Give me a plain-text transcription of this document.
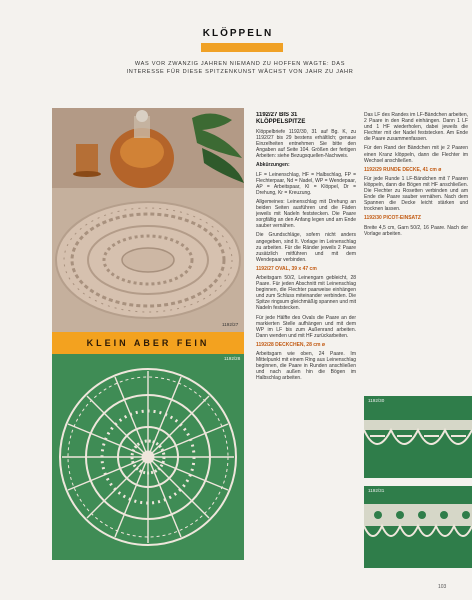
KLÖPPELN
WAS VOR ZWANZIG JAHREN NIEMAND ZU HOFFEN WAGTE: DAS
INTERESSE FÜR DIESE SPITZENKUNST WÄCHST VON JAHR ZU JAHR
1192/27
KLEIN ABER FEIN
1192/28
1192/30
1192/31
1192/27 BIS 31
KLÖPPELSPITZE

Klöppelbriefe 1192/30, 31 auf Bg. K, zu 1192/27 bis 29 bestens erhältlich; genaue Einzelheiten entnehmen Sie bitte den Angaben auf Seite 104. Größen der fertigen Arbeiten: siehe Bezugsquellen-Nachweis.

Abkürzungen:

LF = Leinenschlag, HF = Halbschlag, FP = Flechterpaar, Nd = Nadel, WP = Wendepaar, AP = Arbeitspaar, Kl = Klöppel, Dr = Drehung, Kr = Kreuzung.

Allgemeines: Leinenschlag mit Drehung an beiden Seiten ausführen und die Fäden jeweils mit Nadeln feststecken. Die Paare sorgfältig an den Anfang legen und am Ende sauber vernähen.

Die Grundschläge, sofern nicht anders angegeben, sind lt. Vorlage im Leinenschlag zu arbeiten. Für die Ränder jeweils 2 Paare zusätzlich mitführen und mit dem Wendepaar verbinden.

1192/27 OVAL, 39 x 47 cm

Arbeitsgarn 50/2, Leinengarn gebleicht, 28 Paare. Für jeden Abschnitt mit Leinenschlag beginnen, die Flechter paarweise einhängen und zum Schluss miteinander verbinden. Die Spitze ringsum gleichmäßig spannen und mit Nadeln feststecken.

Für jede Hälfte des Ovals die Paare an der markierten Stelle aufhängen und mit dem WP im LF bis zum Außenrand arbeiten. Dann wenden und mit HF zurückarbeiten.

1192/28 DECKCHEN, 28 cm ø

Arbeitsgarn wie oben, 24 Paare. Im Mittelpunkt mit einem Ring aus Leinenschlag beginnen, die Paare in Runden anschließen und nach außen hin die Bögen im Halbschlag arbeiten.

Das LF des Randes im LF-Bändchen arbeiten, 2 Paare in den Rand einhängen. Dann 1 LF und 1 HF wiederholen, dabei jeweils die Flechter mit der Nadel feststecken. Am Ende die Paare zusammenfassen.

Für den Rand der Bändchen mit je 2 Paaren einen Kranz klöppeln, dann die Flechter im Wechsel anschließen.

1192/29 RUNDE DECKE, 41 cm ø

Für jede Runde 1 LF-Bändchen mit 7 Paaren klöppeln, dann die Bögen mit HF anschließen. Die Flechter zu Rosetten verbinden und am Ende die Paare sauber vernähen. Nach dem Spannen die Decke leicht stärken und trocknen lassen.

1192/30 PICOT-EINSATZ

Breite 4,5 cm, Garn 50/2, 16 Paare. Nach der Vorlage arbeiten.

103
